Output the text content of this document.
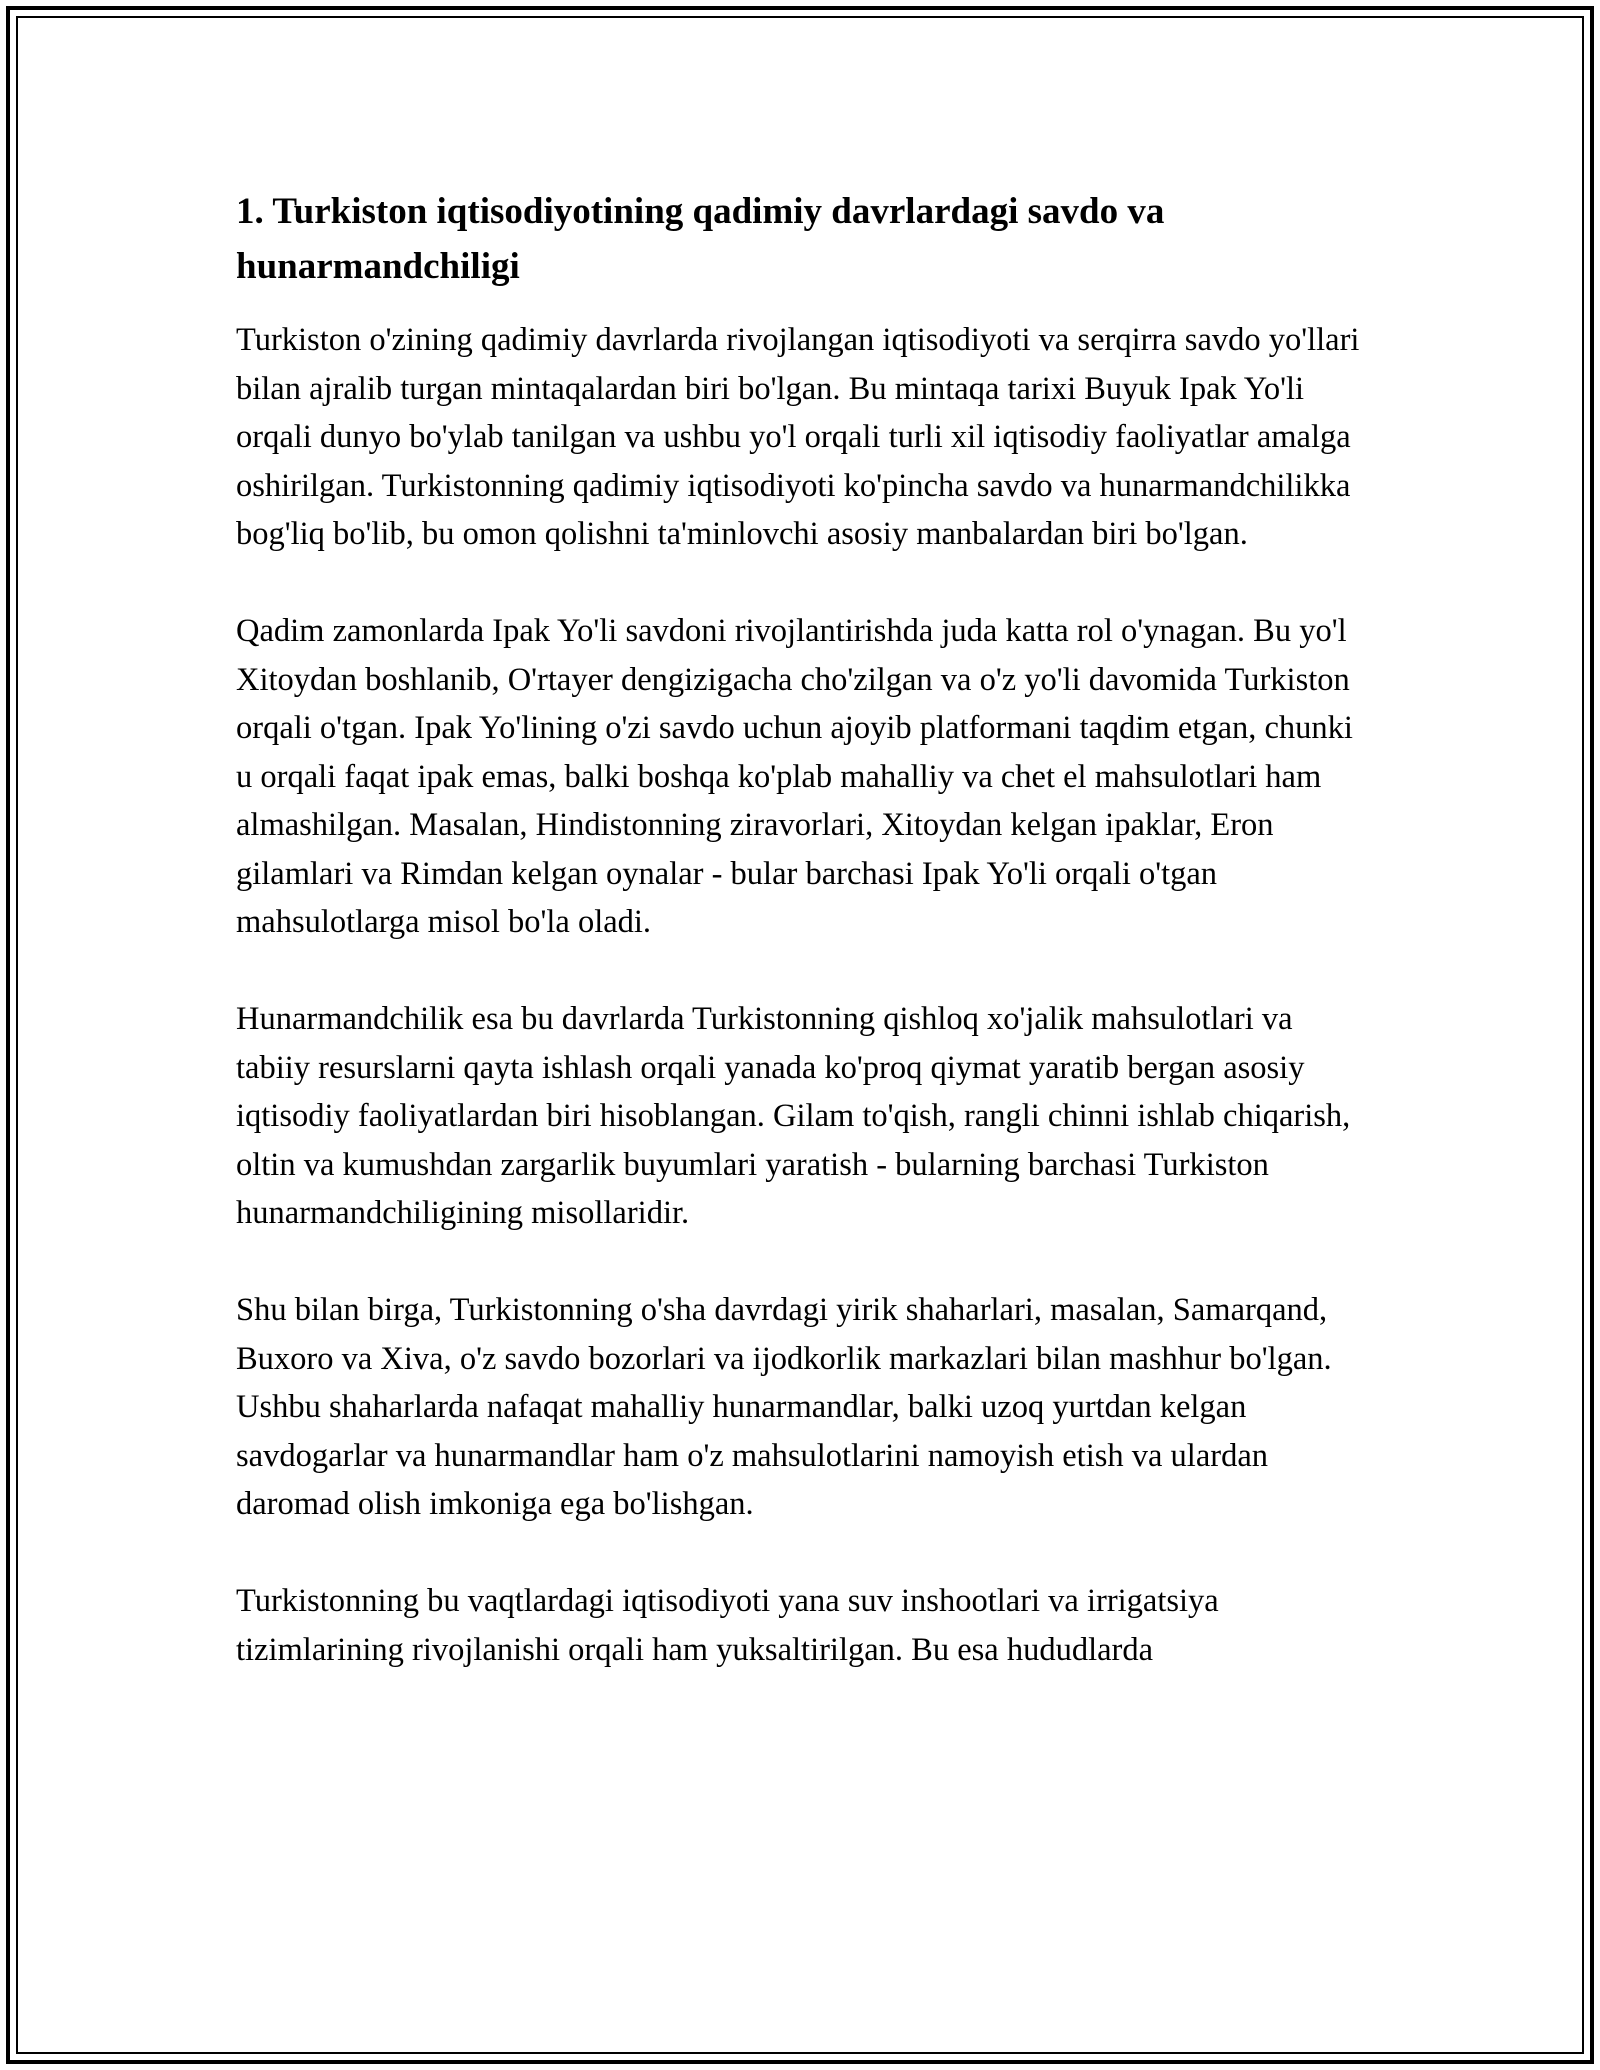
1. Turkiston iqtisodiyotining qadimiy davrlardagi savdo va hunarmandchiligi

Turkiston o'zining qadimiy davrlarda rivojlangan iqtisodiyoti va serqirra savdo yo'llari bilan ajralib turgan mintaqalardan biri bo'lgan. Bu mintaqa tarixi Buyuk Ipak Yo'li orqali dunyo bo'ylab tanilgan va ushbu yo'l orqali turli xil iqtisodiy faoliyatlar amalga oshirilgan. Turkistonning qadimiy iqtisodiyoti ko'pincha savdo va hunarmandchilikka bog'liq bo'lib, bu omon qolishni ta'minlovchi asosiy manbalardan biri bo'lgan.

Qadim zamonlarda Ipak Yo'li savdoni rivojlantirishda juda katta rol o'ynagan. Bu yo'l Xitoydan boshlanib, O'rtayer dengizigacha cho'zilgan va o'z yo'li davomida Turkiston orqali o'tgan. Ipak Yo'lining o'zi savdo uchun ajoyib platformani taqdim etgan, chunki u orqali faqat ipak emas, balki boshqa ko'plab mahalliy va chet el mahsulotlari ham almashilgan. Masalan, Hindistonning ziravorlari, Xitoydan kelgan ipaklar, Eron gilamlari va Rimdan kelgan oynalar - bular barchasi Ipak Yo'li orqali o'tgan mahsulotlarga misol bo'la oladi.

Hunarmandchilik esa bu davrlarda Turkistonning qishloq xo'jalik mahsulotlari va tabiiy resurslarni qayta ishlash orqali yanada ko'proq qiymat yaratib bergan asosiy iqtisodiy faoliyatlardan biri hisoblangan. Gilam to'qish, rangli chinni ishlab chiqarish, oltin va kumushdan zargarlik buyumlari yaratish - bularning barchasi Turkiston hunarmandchiligining misollaridir.

Shu bilan birga, Turkistonning o'sha davrdagi yirik shaharlari, masalan, Samarqand, Buxoro va Xiva, o'z savdo bozorlari va ijodkorlik markazlari bilan mashhur bo'lgan. Ushbu shaharlarda nafaqat mahalliy hunarmandlar, balki uzoq yurtdan kelgan savdogarlar va hunarmandlar ham o'z mahsulotlarini namoyish etish va ulardan daromad olish imkoniga ega bo'lishgan.

Turkistonning bu vaqtlardagi iqtisodiyoti yana suv inshootlari va irrigatsiya tizimlarining rivojlanishi orqali ham yuksaltirilgan. Bu esa hududlarda
